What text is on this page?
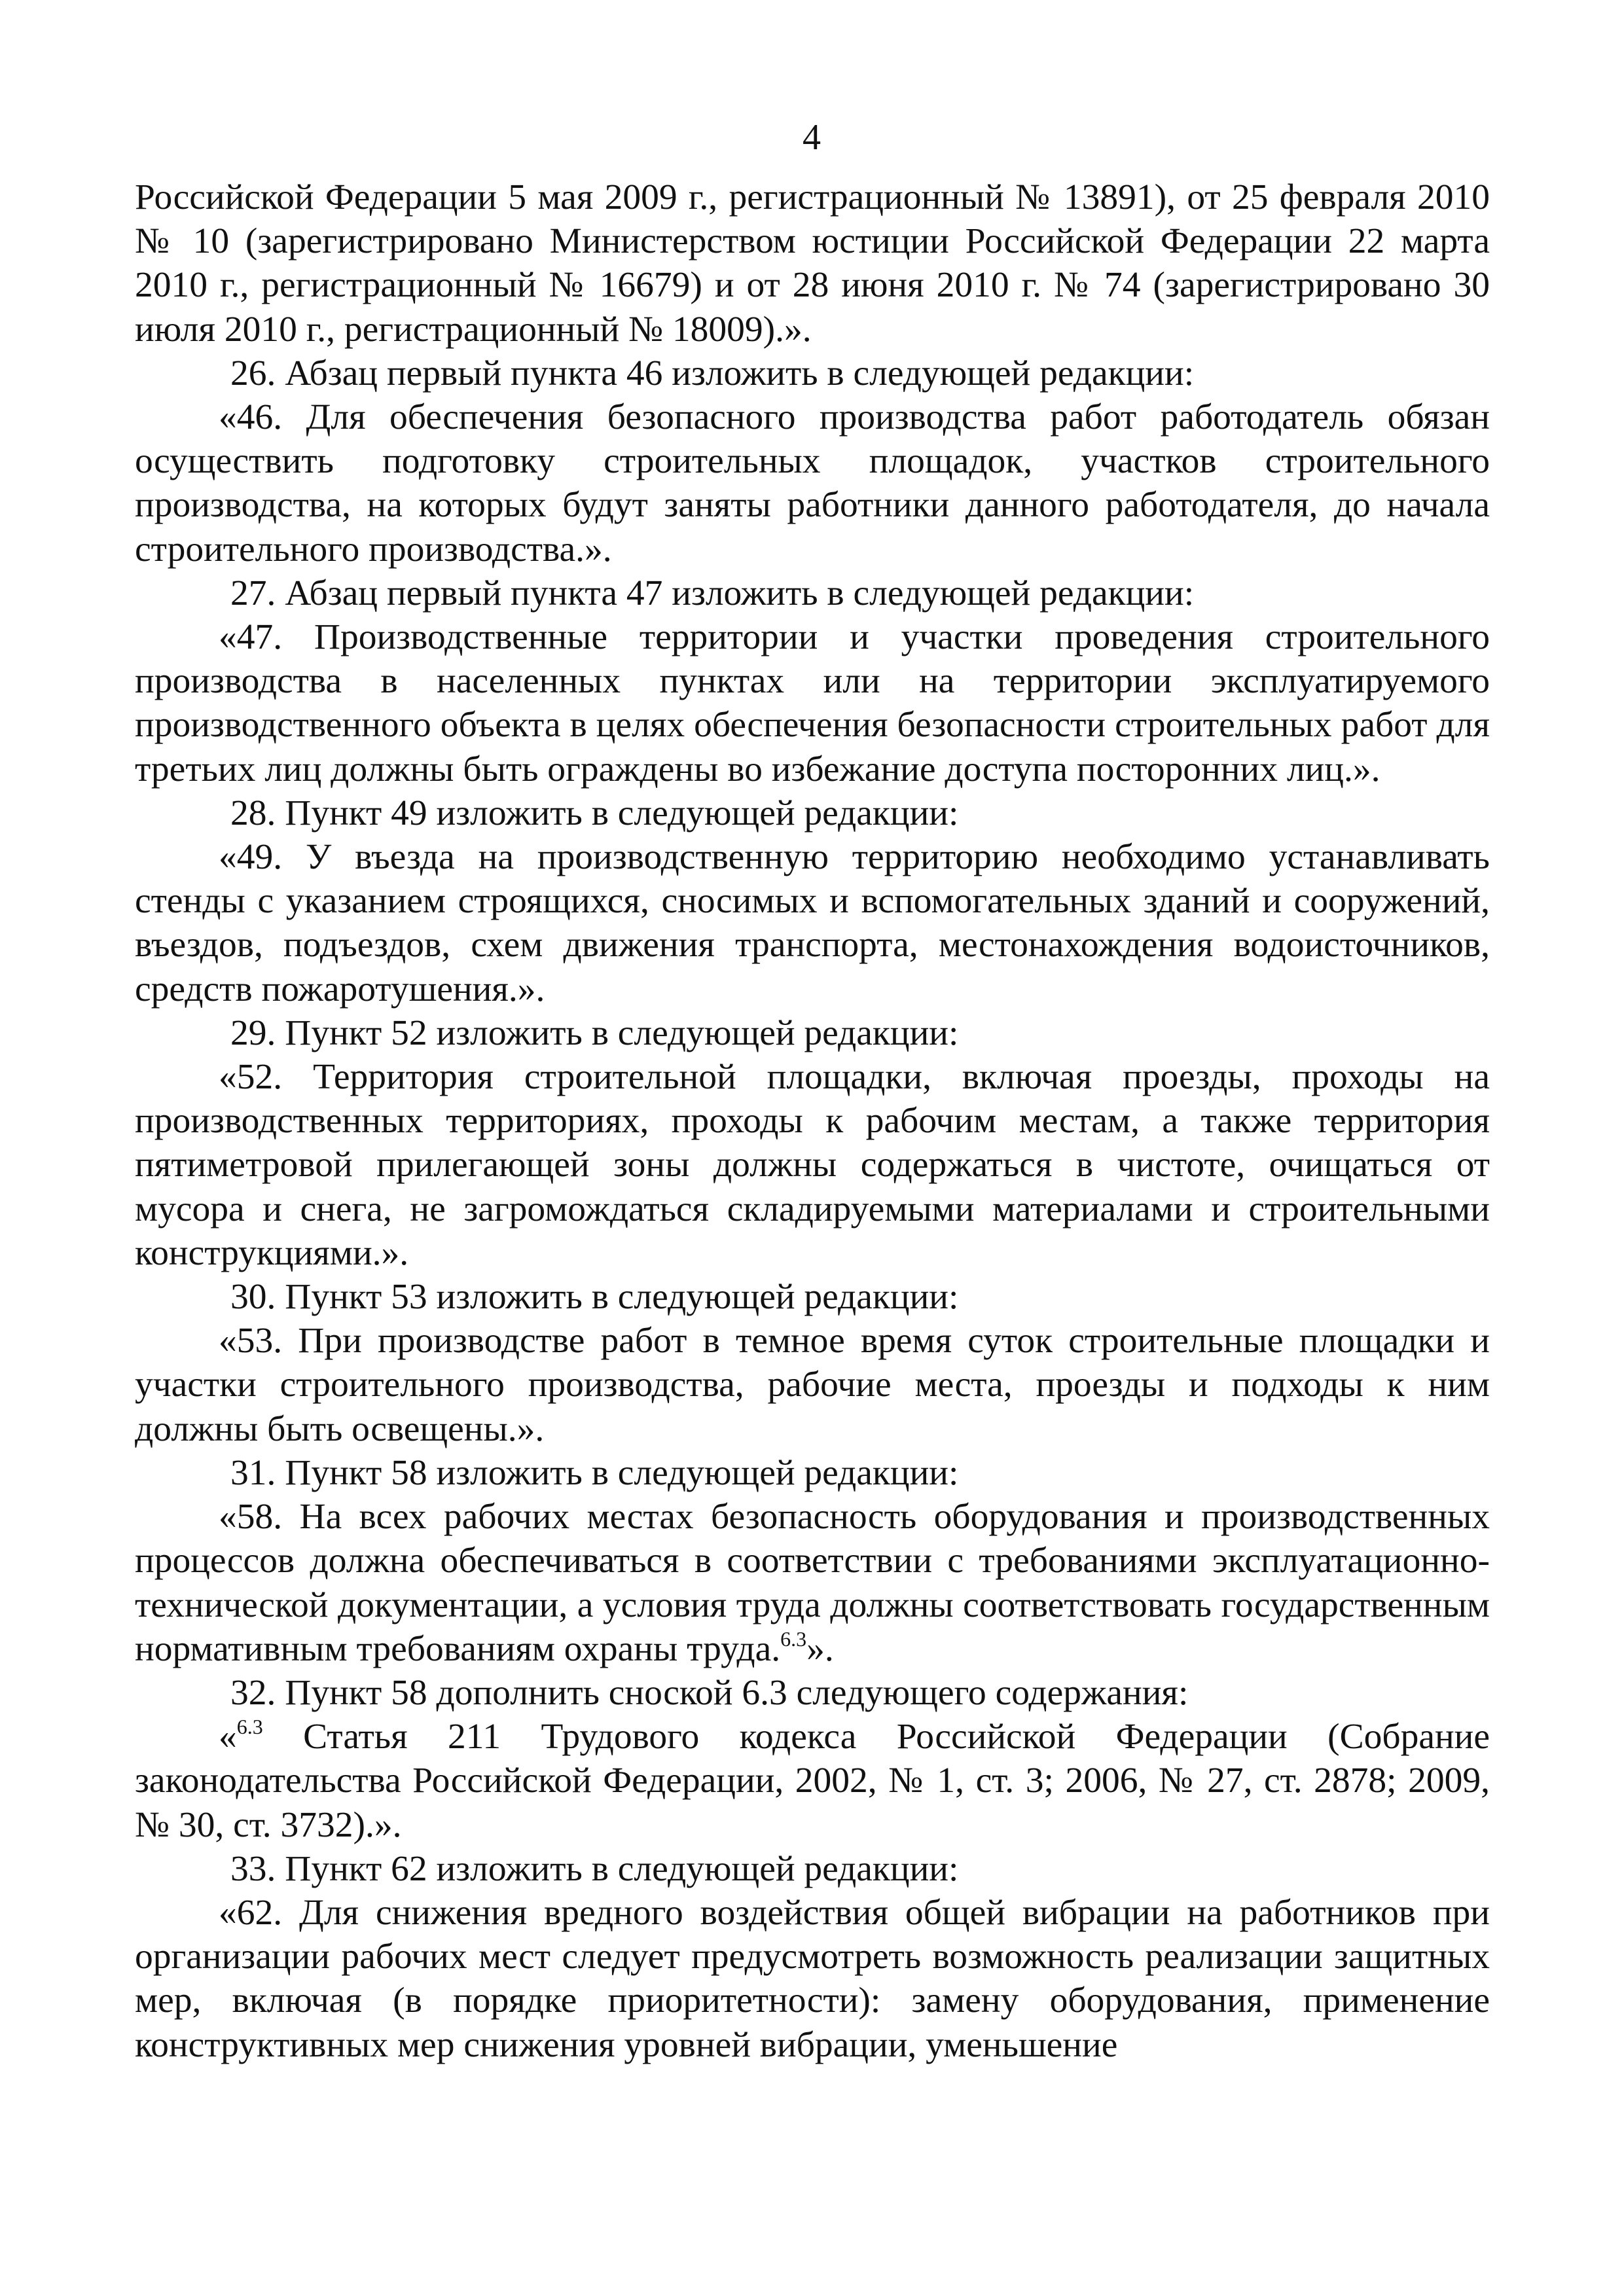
4

Российской Федерации 5 мая 2009 г., регистрационный № 13891), от 25 февраля 2010 № 10 (зарегистрировано Министерством юстиции Российской Федерации 22 марта 2010 г., регистрационный № 16679) и от 28 июня 2010 г. № 74 (зарегистрировано 30 июля 2010 г., регистрационный № 18009).».

26. Абзац первый пункта 46 изложить в следующей редакции:

«46. Для обеспечения безопасного производства работ работодатель обязан осуществить подготовку строительных площадок, участков строительного производства, на которых будут заняты работники данного работодателя, до начала строительного производства.».

27. Абзац первый пункта 47 изложить в следующей редакции:

«47. Производственные территории и участки проведения строительного производства в населенных пунктах или на территории эксплуатируемого производственного объекта в целях обеспечения безопасности строительных работ для третьих лиц должны быть ограждены во избежание доступа посторонних лиц.».

28. Пункт 49 изложить в следующей редакции:

«49. У въезда на производственную территорию необходимо устанавливать стенды с указанием строящихся, сносимых и вспомогательных зданий и сооружений, въездов, подъездов, схем движения транспорта, местонахождения водоисточников, средств пожаротушения.».

29. Пункт 52 изложить в следующей редакции:

«52. Территория строительной площадки, включая проезды, проходы на производственных территориях, проходы к рабочим местам, а также территория пятиметровой прилегающей зоны должны содержаться в чистоте, очищаться от мусора и снега, не загромождаться складируемыми материалами и строительными конструкциями.».

30. Пункт 53 изложить в следующей редакции:

«53. При производстве работ в темное время суток строительные площадки и участки строительного производства, рабочие места, проезды и подходы к ним должны быть освещены.».

31. Пункт 58 изложить в следующей редакции:

«58. На всех рабочих местах безопасность оборудования и производственных процессов должна обеспечиваться в соответствии с требованиями эксплуатационно-технической документации, а условия труда должны соответствовать государственным нормативным требованиям охраны труда.$^{6.3}$».

32. Пункт 58 дополнить сноской 6.3 следующего содержания:

«$^{6.3}$ Статья 211 Трудового кодекса Российской Федерации (Собрание законодательства Российской Федерации, 2002, № 1, ст. 3; 2006, № 27, ст. 2878; 2009, № 30, ст. 3732).».

33. Пункт 62 изложить в следующей редакции:

«62. Для снижения вредного воздействия общей вибрации на работников при организации рабочих мест следует предусмотреть возможность реализации защитных мер, включая (в порядке приоритетности): замену оборудования, применение конструктивных мер снижения уровней вибрации, уменьшение
